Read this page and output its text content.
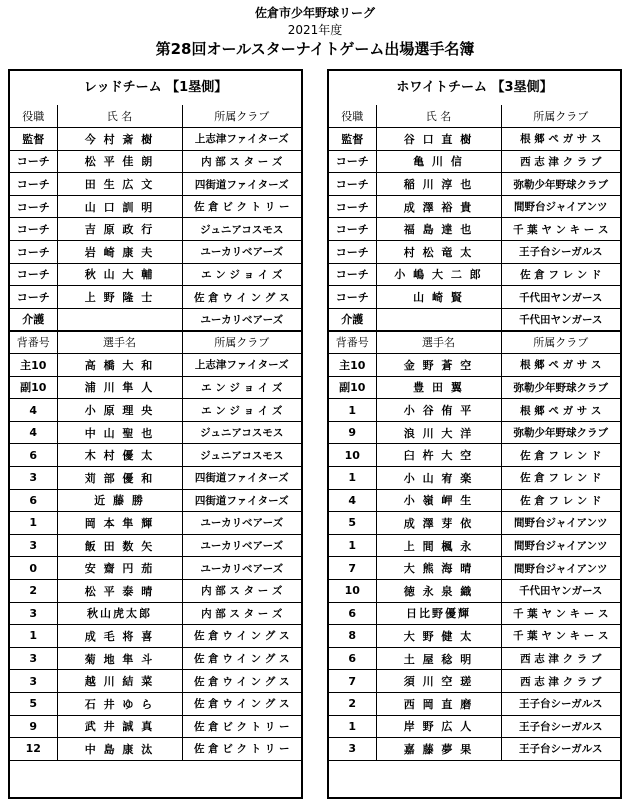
佐倉市少年野球リーグ
2021年度
第28回オールスターナイトゲーム出場選手名簿
レッドチーム 【1塁側】
役職	氏 名	所属クラブ
監督	今 村 斎 樹	上志津ファイターズ
コーチ	松 平 佳 朗	内 部 ス タ ー ズ
コーチ	田 生 広 文	四街道ファイターズ
コーチ	山 口 訓 明	佐 倉 ビ ク ト リ ー
コーチ	吉 原 政 行	ジュニアコスモス
コーチ	岩 崎 康 夫	ユーカリベアーズ
コーチ	秋 山 大 輔	エ ン ジ ョ イ ズ
コーチ	上 野 隆 士	佐 倉 ウ イ ン グ ス
介護		ユーカリベアーズ
背番号	選手名	所属クラブ
主10	高 橋 大 和	上志津ファイターズ
副10	浦 川 隼 人	エ ン ジ ョ イ ズ
4	小 原 理 央	エ ン ジ ョ イ ズ
4	中 山 聖 也	ジュニアコスモス
6	木 村 優 太	ジュニアコスモス
3	苅 部 優 和	四街道ファイターズ
6	近 藤 勝	四街道ファイターズ
1	岡 本 隼 輝	ユーカリベアーズ
3	飯 田 数 矢	ユーカリベアーズ
0	安 齋 円 茄	ユーカリベアーズ
2	松 平 泰 晴	内 部 ス タ ー ズ
3	秋山虎太郎	内 部 ス タ ー ズ
1	成 毛 将 喜	佐 倉 ウ イ ン グ ス
3	菊 地 隼 斗	佐 倉 ウ イ ン グ ス
3	越 川 結 菜	佐 倉 ウ イ ン グ ス
5	石 井 ゆ ら	佐 倉 ウ イ ン グ ス
9	武 井 誠 真	佐 倉 ビ ク ト リ ー
12	中 島 康 汰	佐 倉 ビ ク ト リ ー
ホワイトチーム 【3塁側】
役職	氏 名	所属クラブ
監督	谷 口 直 樹	根 郷 ペ ガ サ ス
コーチ	亀 川 信	西 志 津 ク ラ ブ
コーチ	稲 川 淳 也	弥勒少年野球クラブ
コーチ	成 澤 裕 貴	間野台ジャイアンツ
コーチ	福 島 達 也	千 葉 ヤ ン キ ー ス
コーチ	村 松 竜 太	王子台シーガルス
コーチ	小 嶋 大 二 郎	佐 倉 フ レ ン ド
コーチ	山 崎 賢	千代田ヤンガース
介護		千代田ヤンガース
背番号	選手名	所属クラブ
主10	金 野 蒼 空	根 郷 ペ ガ サ ス
副10	豊 田 翼	弥勒少年野球クラブ
1	小 谷 侑 平	根 郷 ペ ガ サ ス
9	浪 川 大 洋	弥勒少年野球クラブ
10	臼 杵 大 空	佐 倉 フ レ ン ド
1	小 山 宥 楽	佐 倉 フ レ ン ド
4	小 嶺 岬 生	佐 倉 フ レ ン ド
5	成 澤 芽 依	間野台ジャイアンツ
1	上 間 楓 永	間野台ジャイアンツ
7	大 熊 海 晴	間野台ジャイアンツ
10	徳 永 泉 織	千代田ヤンガース
6	日比野優輝	千 葉 ヤ ン キ ー ス
8	大 野 健 太	千 葉 ヤ ン キ ー ス
6	土 屋 稔 明	西 志 津 ク ラ ブ
7	須 川 空 瑳	西 志 津 ク ラ ブ
2	西 岡 直 磨	王子台シーガルス
1	岸 野 広 人	王子台シーガルス
3	嘉 藤 夢 果	王子台シーガルス
